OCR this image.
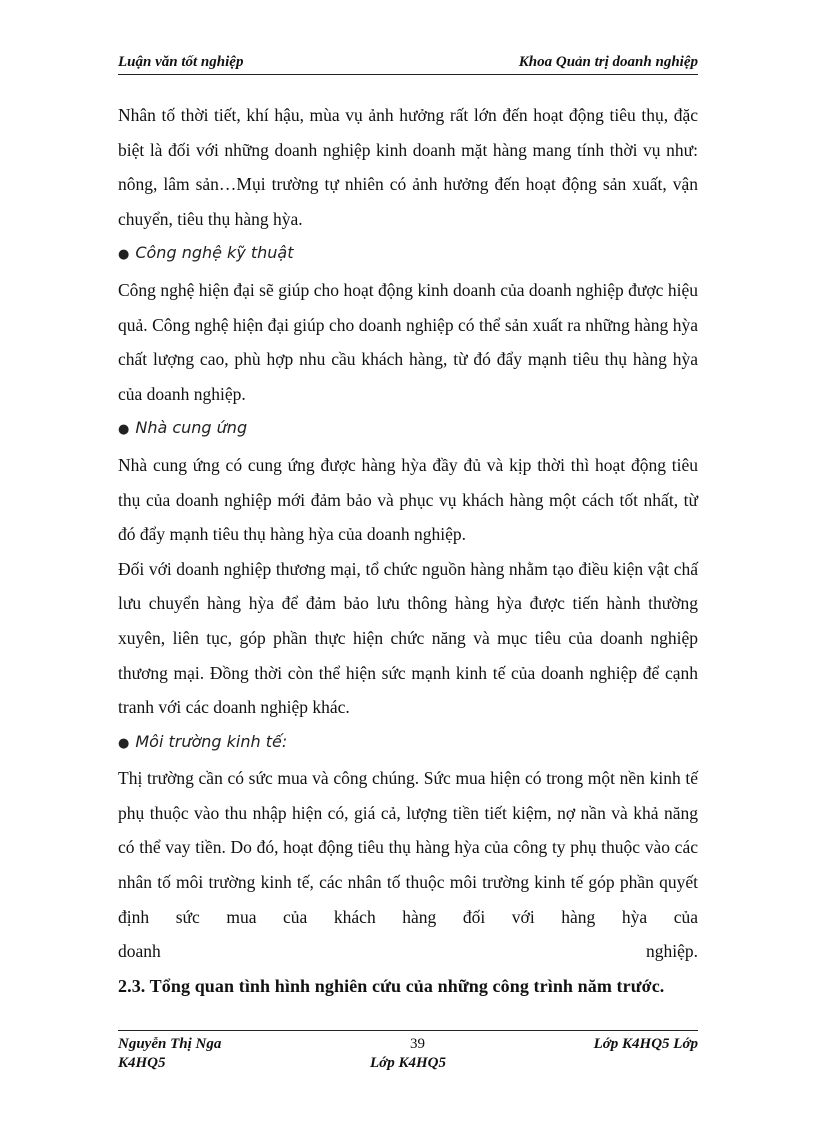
Luận văn tốt nghiệp	Khoa Quản trị doanh nghiệp

Nhân tố thời tiết, khí hậu, mùa vụ ảnh hưởng rất lớn đến hoạt động tiêu thụ, đặc biệt là đối với những doanh nghiệp kinh doanh mặt hàng mang tính thời vụ như: nông, lâm sản…Mụi trường tự nhiên có ảnh hưởng đến hoạt động sản xuất, vận chuyển, tiêu thụ hàng hỳa.

● Công nghệ kỹ thuật

Công nghệ hiện đại sẽ giúp cho hoạt động kinh doanh của doanh nghiệp được hiệu quả. Công nghệ hiện đại giúp cho doanh nghiệp có thể sản xuất ra những hàng hỳa chất lượng cao, phù hợp nhu cầu khách hàng, từ đó đẩy mạnh tiêu thụ hàng hỳa của doanh nghiệp.

● Nhà cung ứng

Nhà cung ứng có cung ứng được hàng hỳa đầy đủ và kịp thời thì hoạt động tiêu thụ của doanh nghiệp mới đảm bảo và phục vụ khách hàng một cách tốt nhất, từ đó đẩy mạnh tiêu thụ hàng hỳa của doanh nghiệp.

Đối với doanh nghiệp thương mại, tổ chức nguồn hàng nhằm tạo điều kiện vật chấ lưu chuyển hàng hỳa để đảm bảo lưu thông hàng hỳa được tiến hành thường xuyên, liên tục, góp phần thực hiện chức năng và mục tiêu của doanh nghiệp thương mại. Đồng thời còn thể hiện sức mạnh kinh tế của doanh nghiệp để cạnh tranh với các doanh nghiệp khác.

● Môi trường kinh tế:

Thị trường cần có sức mua và công chúng. Sức mua hiện có trong một nền kinh tế phụ thuộc vào thu nhập hiện có, giá cả, lượng tiền tiết kiệm, nợ nần và khả năng có thể vay tiền. Do đó, hoạt động tiêu thụ hàng hỳa của công ty phụ thuộc vào các nhân tố môi trường kinh tế, các nhân tố thuộc môi trường kinh tế góp phần quyết định sức mua của khách hàng đối với hàng hỳa của

doanh	nghiệp.

2.3. Tổng quan tình hình nghiên cứu của những công trình năm trước.

Nguyễn Thị Nga	39	Lớp K4HQ5 Lớp
K4HQ5	Lớp K4HQ5
